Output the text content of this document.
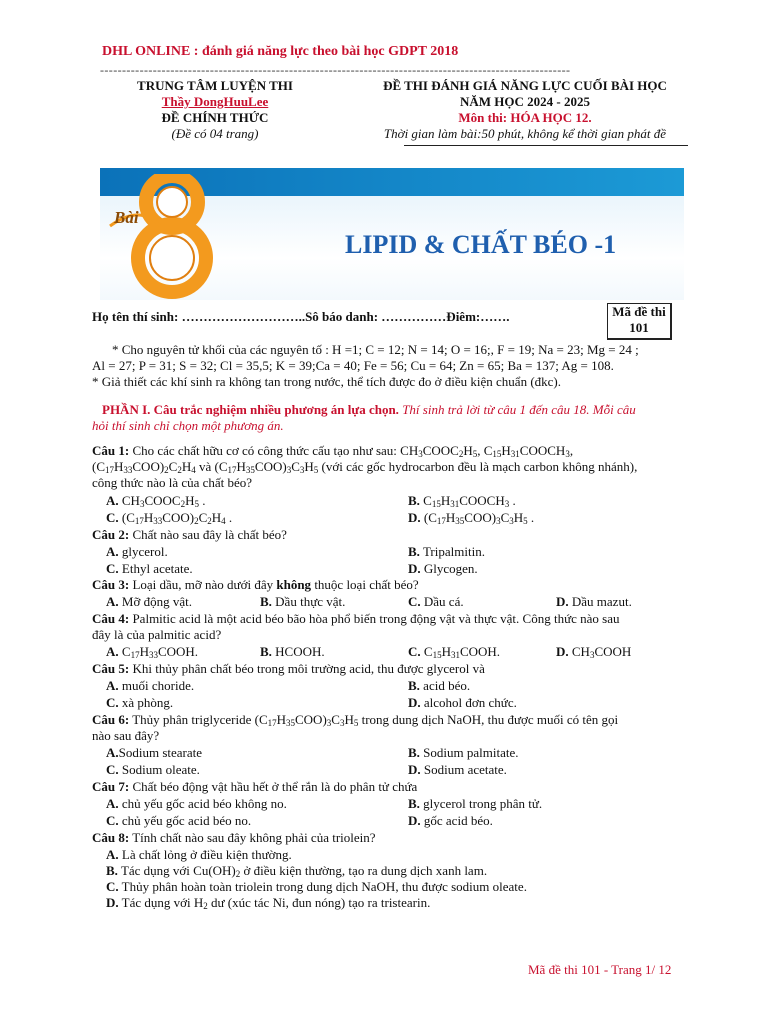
DHL ONLINE : đánh giá năng lực theo bài học GDPT 2018
-----------------------------------------------------------------------------------------------------------
TRUNG TÂM LUYỆN THI
Thầy DongHuuLee
ĐỀ CHÍNH THỨC
(Đề có 04 trang)
ĐỀ THI ĐÁNH GIÁ NĂNG LỰC CUỐI BÀI HỌC
NĂM HỌC 2024 - 2025
Môn thi: HÓA HỌC 12.
Thời gian làm bài:50 phút, không kể thời gian phát đề
Bài
LIPID & CHẤT BÉO -1
Họ tên thí sinh: ………………………..Sô báo danh: ……………Điêm:…….	Mã đề thi
101
* Cho nguyên tử khối của các nguyên tố : H =1; C = 12; N = 14; O = 16;, F = 19; Na = 23; Mg = 24 ;
Al = 27; P = 31; S = 32; Cl = 35,5; K = 39;Ca = 40; Fe = 56; Cu = 64; Zn = 65; Ba = 137; Ag = 108.
* Giả thiết các khí sinh ra không tan trong nước, thể tích được đo ở điều kiện chuẩn (đkc).
PHẦN I. Câu trắc nghiệm nhiều phương án lựa chọn. Thí sinh trả lời từ câu 1 đến câu 18. Mỗi câu
hỏi thí sinh chỉ chọn một phương án.
Câu 1: Cho các chất hữu cơ có công thức cấu tạo như sau: $CH_3COOC_2H_5$, $C_{15}H_{31}COOCH_3$,
$(C_{17}H_{33}COO)_2C_2H_4$ và $(C_{17}H_{35}COO)_3C_3H_5$ (với các gốc hydrocarbon đều là mạch carbon không nhánh),
công thức nào là của chất béo?
A. $CH_3COOC_2H_5$ .	B. $C_{15}H_{31}COOCH_3$ .
C. $(C_{17}H_{33}COO)_2C_2H_4$ .	D. $(C_{17}H_{35}COO)_3C_3H_5$ .
Câu 2: Chất nào sau đây là chất béo?
A. glycerol.	B. Tripalmitin.
C. Ethyl acetate.	D. Glycogen.
Câu 3: Loại dầu, mỡ nào dưới đây không thuộc loại chất béo?
A. Mỡ động vật.	B. Dầu thực vật.	C. Dầu cá.	D. Dầu mazut.
Câu 4: Palmitic acid là một acid béo bão hòa phổ biến trong động vật và thực vật. Công thức nào sau
đây là của palmitic acid?
A. $C_{17}H_{33}COOH$.	B. HCOOH.	C. $C_{15}H_{31}COOH$.	D. $CH_3COOH$
Câu 5: Khi thủy phân chất béo trong môi trường acid, thu được glycerol và
A. muối choride.	B. acid béo.
C. xà phòng.	D. alcohol đơn chức.
Câu 6: Thủy phân triglyceride $(C_{17}H_{35}COO)_3C_3H_5$ trong dung dịch NaOH, thu được muối có tên gọi
nào sau đây?
A.Sodium stearate	B. Sodium palmitate.
C. Sodium oleate.	D. Sodium acetate.
Câu 7: Chất béo động vật hầu hết ở thể rắn là do phân tử chứa
A. chủ yếu gốc acid béo không no.	B. glycerol trong phân tử.
C. chủ yếu gốc acid béo no.	D. gốc acid béo.
Câu 8: Tính chất nào sau đây không phải của triolein?
A. Là chất lỏng ở điều kiện thường.
B. Tác dụng với $Cu(OH)_2$ ở điều kiện thường, tạo ra dung dịch xanh lam.
C. Thủy phân hoàn toàn triolein trong dung dịch NaOH, thu được sodium oleate.
D. Tác dụng với $H_2$ dư (xúc tác Ni, đun nóng) tạo ra tristearin.
Mã đề thi 101 - Trang 1/ 12
